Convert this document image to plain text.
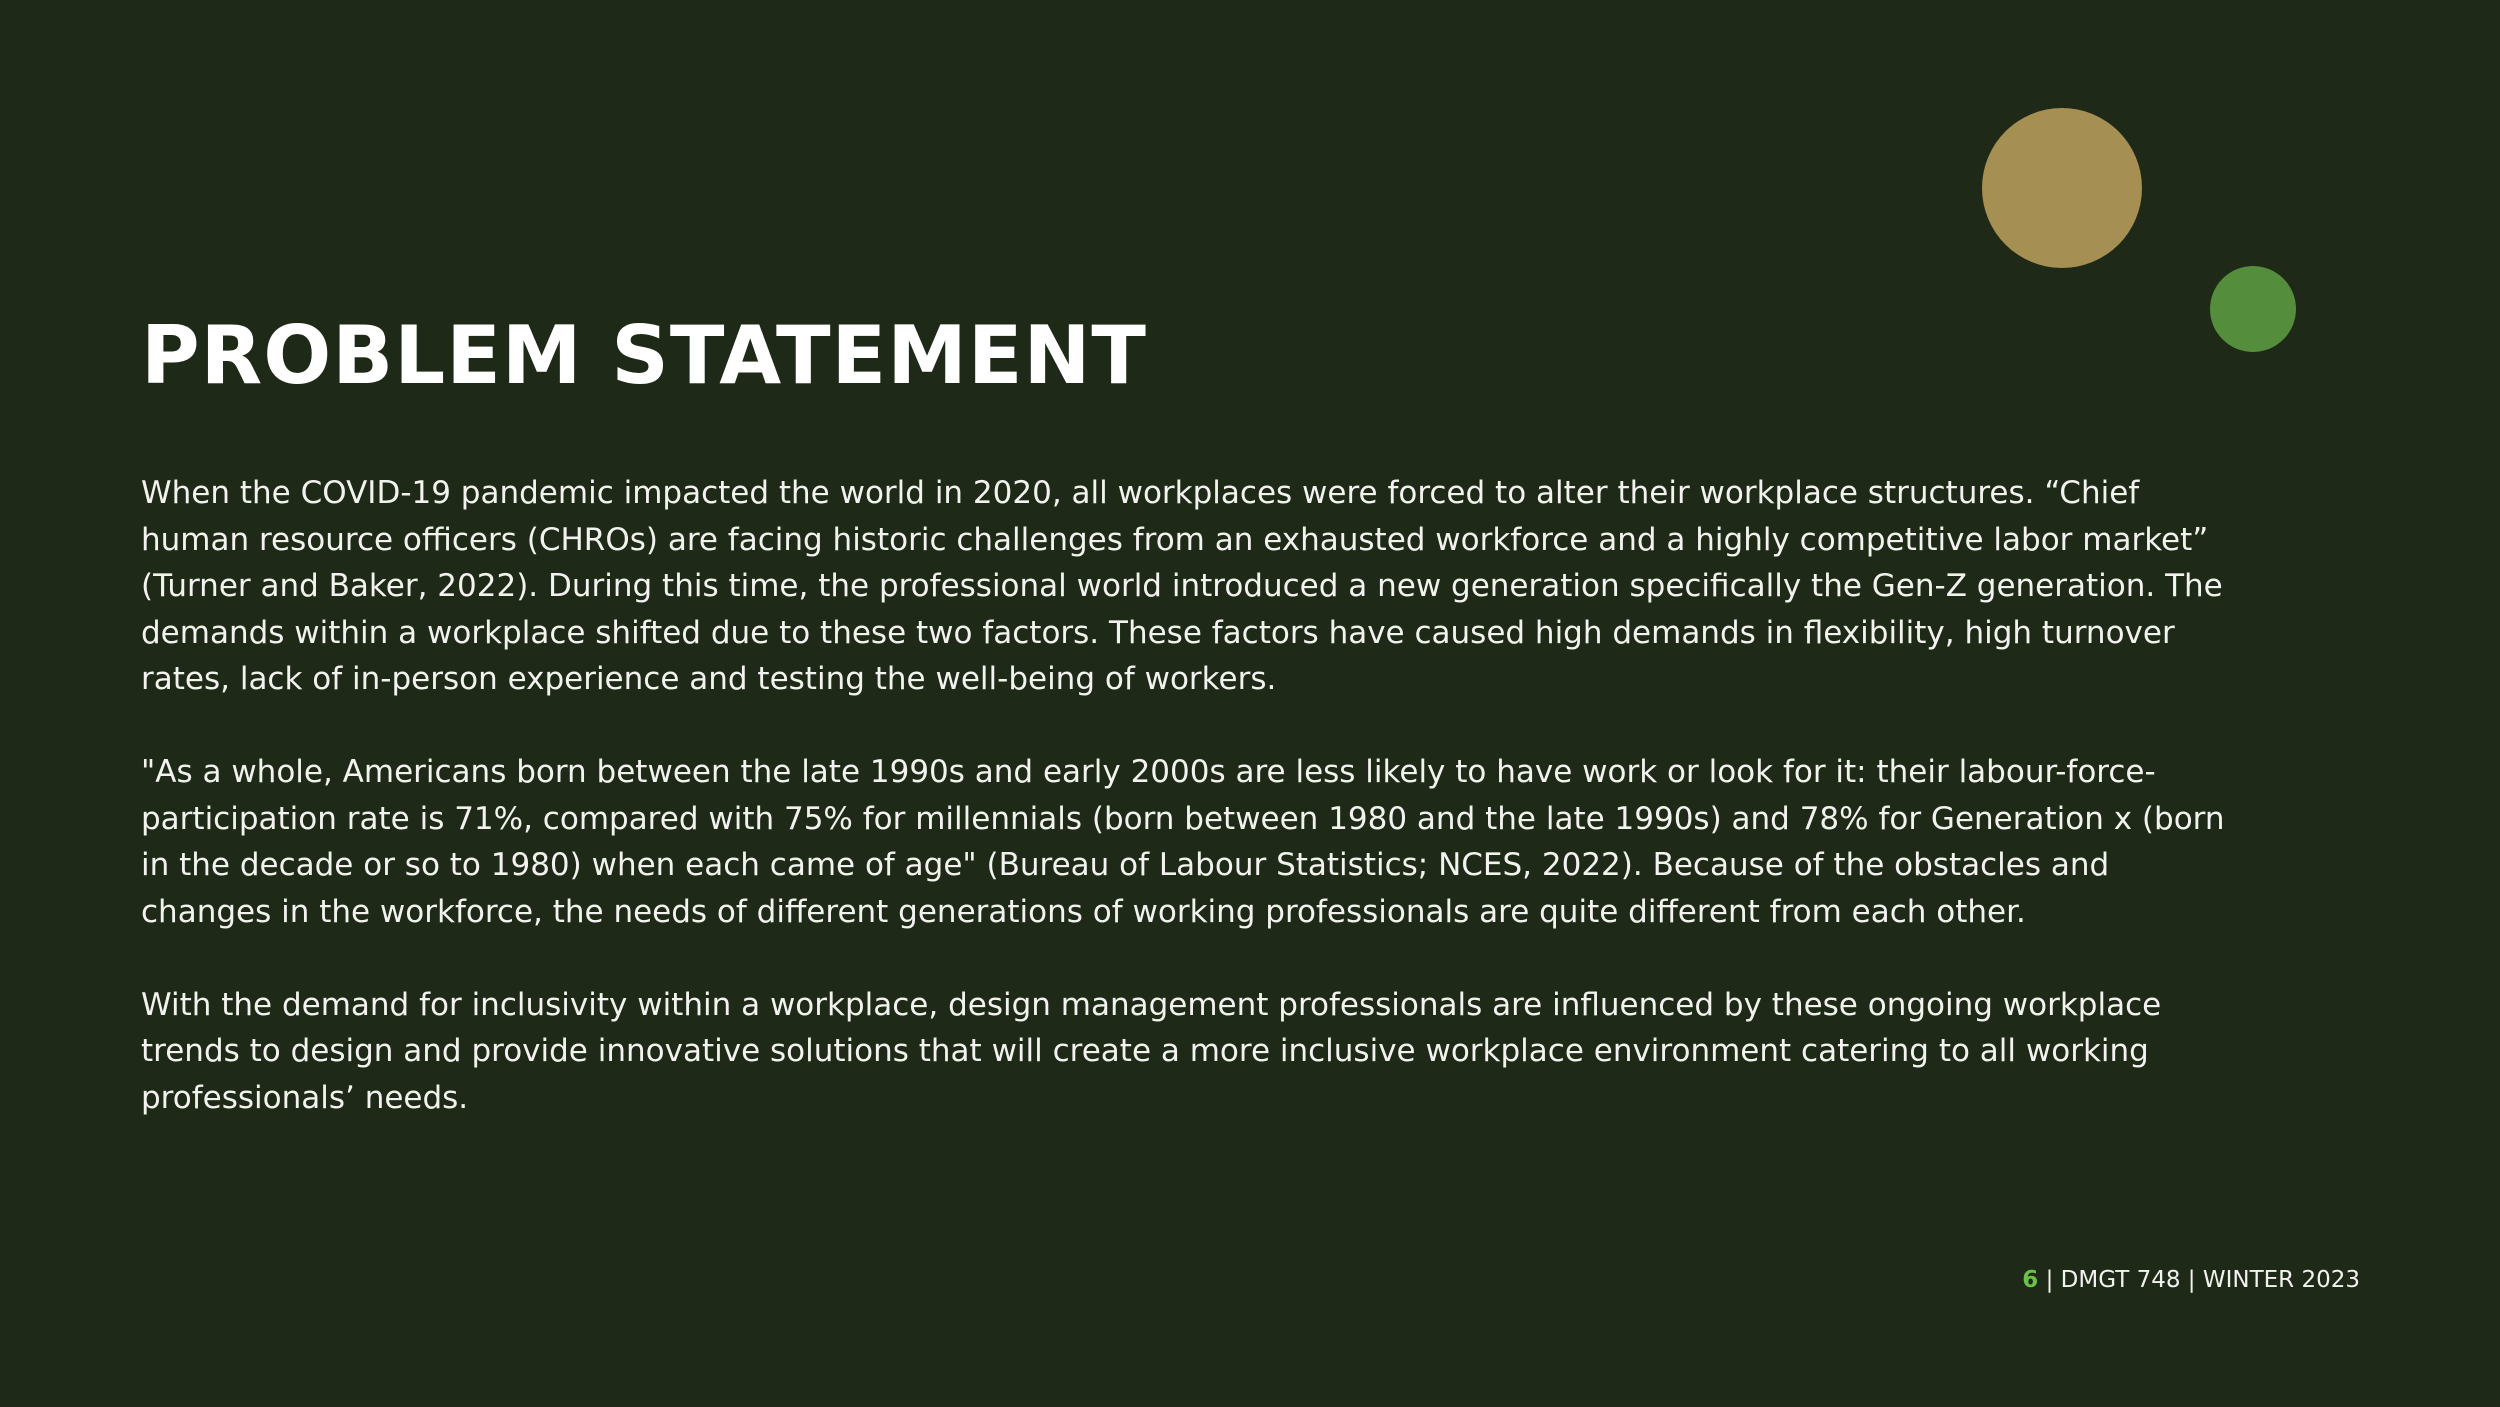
PROBLEM STATEMENT

When the COVID-19 pandemic impacted the world in 2020, all workplaces were forced to alter their workplace structures. “Chief human resource officers (CHROs) are facing historic challenges from an exhausted workforce and a highly competitive labor market” (Turner and Baker, 2022). During this time, the professional world introduced a new generation specifically the Gen-Z generation. The demands within a workplace shifted due to these two factors. These factors have caused high demands in flexibility, high turnover rates, lack of in-person experience and testing the well-being of workers.

"As a whole, Americans born between the late 1990s and early 2000s are less likely to have work or look for it: their labour-force-participation rate is 71%, compared with 75% for millennials (born between 1980 and the late 1990s) and 78% for Generation x (born in the decade or so to 1980) when each came of age" (Bureau of Labour Statistics; NCES, 2022). Because of the obstacles and changes in the workforce, the needs of different generations of working professionals are quite different from each other.

With the demand for inclusivity within a workplace, design management professionals are influenced by these ongoing workplace trends to design and provide innovative solutions that will create a more inclusive workplace environment catering to all working professionals’ needs.

6 | DMGT 748 | WINTER 2023
